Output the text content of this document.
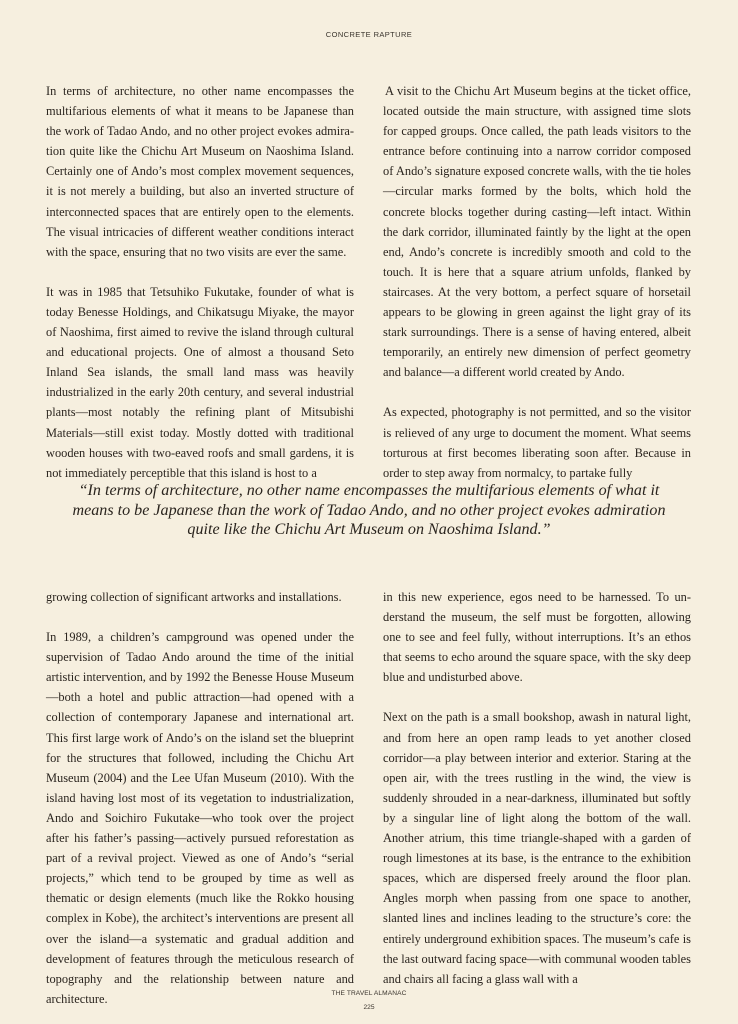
CONCRETE RAPTURE

In terms of architecture, no other name encompasses the multifarious elements of what it means to be Japanese than the work of Tadao Ando, and no other project evokes admiration quite like the Chichu Art Museum on Naoshima Island. Certainly one of Ando’s most complex movement sequences, it is not merely a building, but also an inverted structure of interconnected spaces that are entirely open to the elements. The visual intricacies of different weather conditions interact with the space, ensuring that no two visits are ever the same.

It was in 1985 that Tetsuhiko Fukutake, founder of what is today Benesse Holdings, and Chikatsugu Miyake, the mayor of Naoshima, first aimed to revive the island through cultural and educational projects. One of almost a thousand Seto Inland Sea islands, the small land mass was heavily industrialized in the early 20th century, and several industrial plants—most notably the refining plant of Mitsubishi Materials—still exist today. Mostly dotted with traditional wooden houses with two-eaved roofs and small gardens, it is not immediately perceptible that this island is host to a

A visit to the Chichu Art Museum begins at the ticket office, located outside the main structure, with assigned time slots for capped groups. Once called, the path leads visitors to the entrance before continuing into a narrow corridor composed of Ando’s signature exposed concrete walls, with the tie holes—circular marks formed by the bolts, which hold the concrete blocks together during casting—left intact. Within the dark corridor, illuminated faintly by the light at the open end, Ando’s concrete is incredibly smooth and cold to the touch. It is here that a square atrium unfolds, flanked by staircases. At the very bottom, a perfect square of horsetail appears to be glowing in green against the light gray of its stark surroundings. There is a sense of having entered, albeit temporarily, an entirely new dimension of perfect geometry and balance—a different world created by Ando.

As expected, photography is not permitted, and so the visitor is relieved of any urge to document the moment. What seems torturous at first becomes liberating soon after. Because in order to step away from normalcy, to partake fully

“In terms of architecture, no other name encompasses the multifarious elements of what it means to be Japanese than the work of Tadao Ando, and no other project evokes admiration quite like the Chichu Art Museum on Naoshima Island.”

growing collection of significant artworks and installations.

In 1989, a children’s campground was opened under the supervision of Tadao Ando around the time of the initial artistic intervention, and by 1992 the Benesse House Museum—both a hotel and public attraction—had opened with a collection of contemporary Japanese and international art. This first large work of Ando’s on the island set the blueprint for the structures that followed, including the Chichu Art Museum (2004) and the Lee Ufan Museum (2010). With the island having lost most of its vegetation to industrialization, Ando and Soichiro Fukutake—who took over the project after his father’s passing—actively pursued reforestation as part of a revival project. Viewed as one of Ando’s “serial projects,” which tend to be grouped by time as well as thematic or design elements (much like the Rokko housing complex in Kobe), the architect’s interventions are present all over the island—a systematic and gradual addition and development of features through the meticulous research of topography and the relationship between nature and architecture.

in this new experience, egos need to be harnessed. To understand the museum, the self must be forgotten, allowing one to see and feel fully, without interruptions. It’s an ethos that seems to echo around the square space, with the sky deep blue and undisturbed above.

Next on the path is a small bookshop, awash in natural light, and from here an open ramp leads to yet another closed corridor—a play between interior and exterior. Staring at the open air, with the trees rustling in the wind, the view is suddenly shrouded in a near-darkness, illuminated but softly by a singular line of light along the bottom of the wall. Another atrium, this time triangle-shaped with a garden of rough limestones at its base, is the entrance to the exhibition spaces, which are dispersed freely around the floor plan. Angles morph when passing from one space to another, slanted lines and inclines leading to the structure’s core: the entirely underground exhibition spaces. The museum’s cafe is the last outward facing space—with communal wooden tables and chairs all facing a glass wall with a

THE TRAVEL ALMANAC
225
